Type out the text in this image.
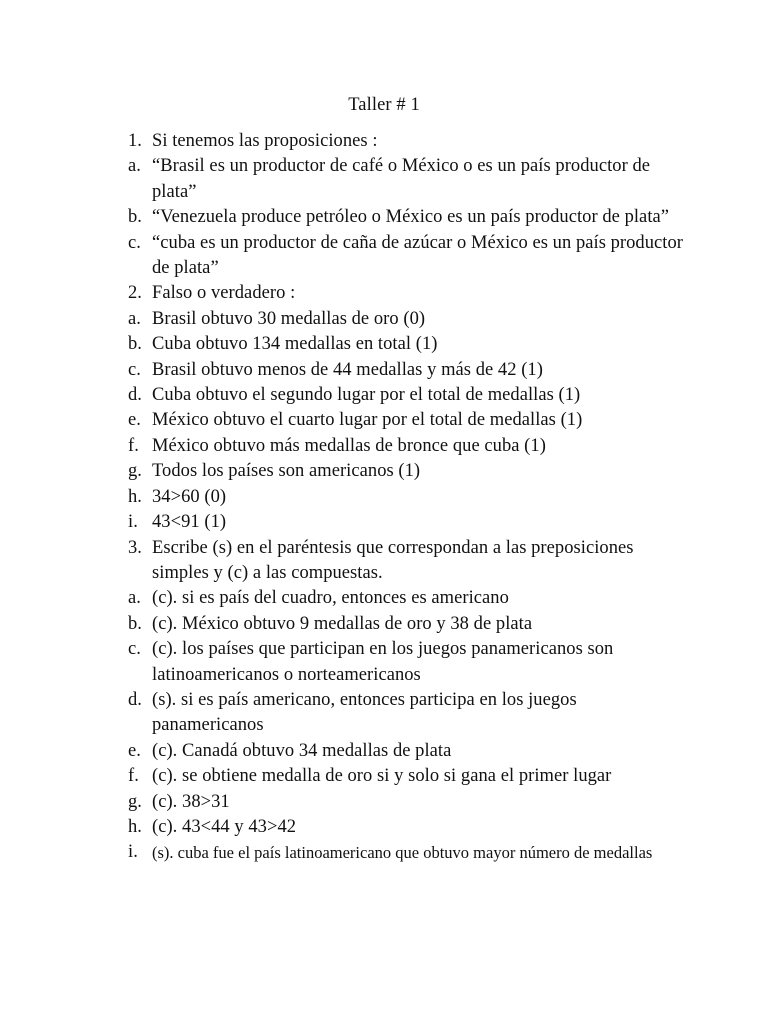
Taller # 1
1. Si tenemos las proposiciones :
a. “Brasil es un productor de café o México o es un país productor de plata”
b. “Venezuela produce petróleo o México es un país productor de plata”
c. “cuba es un productor de caña de azúcar o México es un país productor de plata”
2. Falso o verdadero :
a. Brasil obtuvo 30 medallas de oro (0)
b. Cuba obtuvo 134 medallas en total (1)
c. Brasil obtuvo menos de 44 medallas y más de 42 (1)
d. Cuba obtuvo el segundo lugar por el total de medallas (1)
e. México obtuvo el cuarto lugar por el total de medallas (1)
f. México obtuvo más medallas de bronce que cuba (1)
g. Todos los países son americanos (1)
h. 34>60 (0)
i. 43<91 (1)
3. Escribe (s) en el paréntesis que correspondan a las preposiciones simples y (c) a las compuestas.
a. (c). si es país del cuadro, entonces es americano
b. (c). México obtuvo 9 medallas de oro y 38 de plata
c. (c). los países que participan en los juegos panamericanos son latinoamericanos o norteamericanos
d. (s). si es país americano, entonces participa en los juegos panamericanos
e. (c). Canadá obtuvo 34 medallas de plata
f. (c). se obtiene medalla de oro si y solo si gana el primer lugar
g. (c). 38>31
h. (c). 43<44 y 43>42
i. (s). cuba fue el país latinoamericano que obtuvo mayor número de medallas
